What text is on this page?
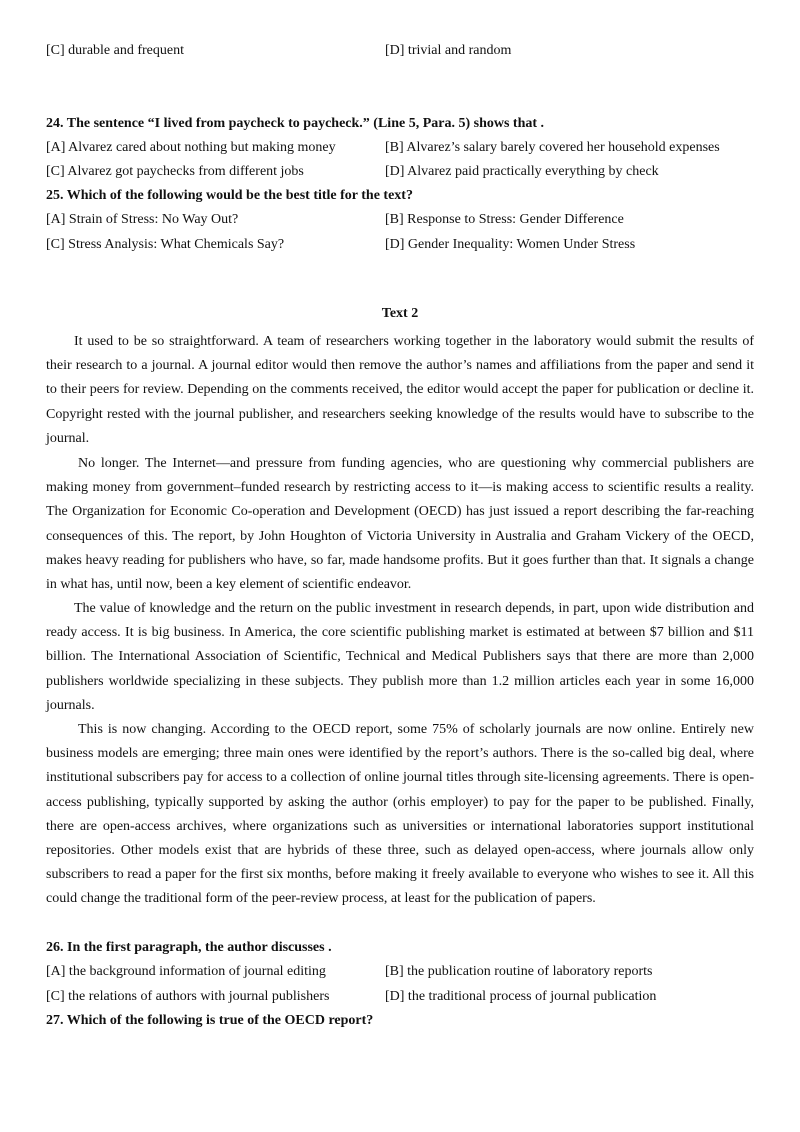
[C] durable and frequent	[D] trivial and random
24. The sentence “I lived from paycheck to paycheck.” (Line 5, Para. 5) shows that .
[A] Alvarez cared about nothing but making money	[B] Alvarez’s salary barely covered her household expenses
[C] Alvarez got paychecks from different jobs	[D] Alvarez paid practically everything by check
25. Which of the following would be the best title for the text?
[A] Strain of Stress: No Way Out?	[B] Response to Stress: Gender Difference
[C] Stress Analysis: What Chemicals Say?	[D] Gender Inequality: Women Under Stress
Text 2

It used to be so straightforward. A team of researchers working together in the laboratory would submit the results of their research to a journal. A journal editor would then remove the author’s names and affiliations from the paper and send it to their peers for review. Depending on the comments received, the editor would accept the paper for publication or decline it. Copyright rested with the journal publisher, and researchers seeking knowledge of the results would have to subscribe to the journal.

No longer. The Internet—and pressure from funding agencies, who are questioning why commercial publishers are making money from government–funded research by restricting access to it—is making access to scientific results a reality. The Organization for Economic Co-operation and Development (OECD) has just issued a report describing the far-reaching consequences of this. The report, by John Houghton of Victoria University in Australia and Graham Vickery of the OECD, makes heavy reading for publishers who have, so far, made handsome profits. But it goes further than that. It signals a change in what has, until now, been a key element of scientific endeavor.

The value of knowledge and the return on the public investment in research depends, in part, upon wide distribution and ready access. It is big business. In America, the core scientific publishing market is estimated at between $7 billion and $11 billion. The International Association of Scientific, Technical and Medical Publishers says that there are more than 2,000 publishers worldwide specializing in these subjects. They publish more than 1.2 million articles each year in some 16,000 journals.

This is now changing. According to the OECD report, some 75% of scholarly journals are now online. Entirely new business models are emerging; three main ones were identified by the report’s authors. There is the so-called big deal, where institutional subscribers pay for access to a collection of online journal titles through site-licensing agreements. There is open-access publishing, typically supported by asking the author (orhis employer) to pay for the paper to be published. Finally, there are open-access archives, where organizations such as universities or international laboratories support institutional repositories. Other models exist that are hybrids of these three, such as delayed open-access, where journals allow only subscribers to read a paper for the first six months, before making it freely available to everyone who wishes to see it. All this could change the traditional form of the peer-review process, at least for the publication of papers.

26. In the first paragraph, the author discusses .
[A] the background information of journal editing	[B] the publication routine of laboratory reports
[C] the relations of authors with journal publishers	[D] the traditional process of journal publication
27. Which of the following is true of the OECD report?
